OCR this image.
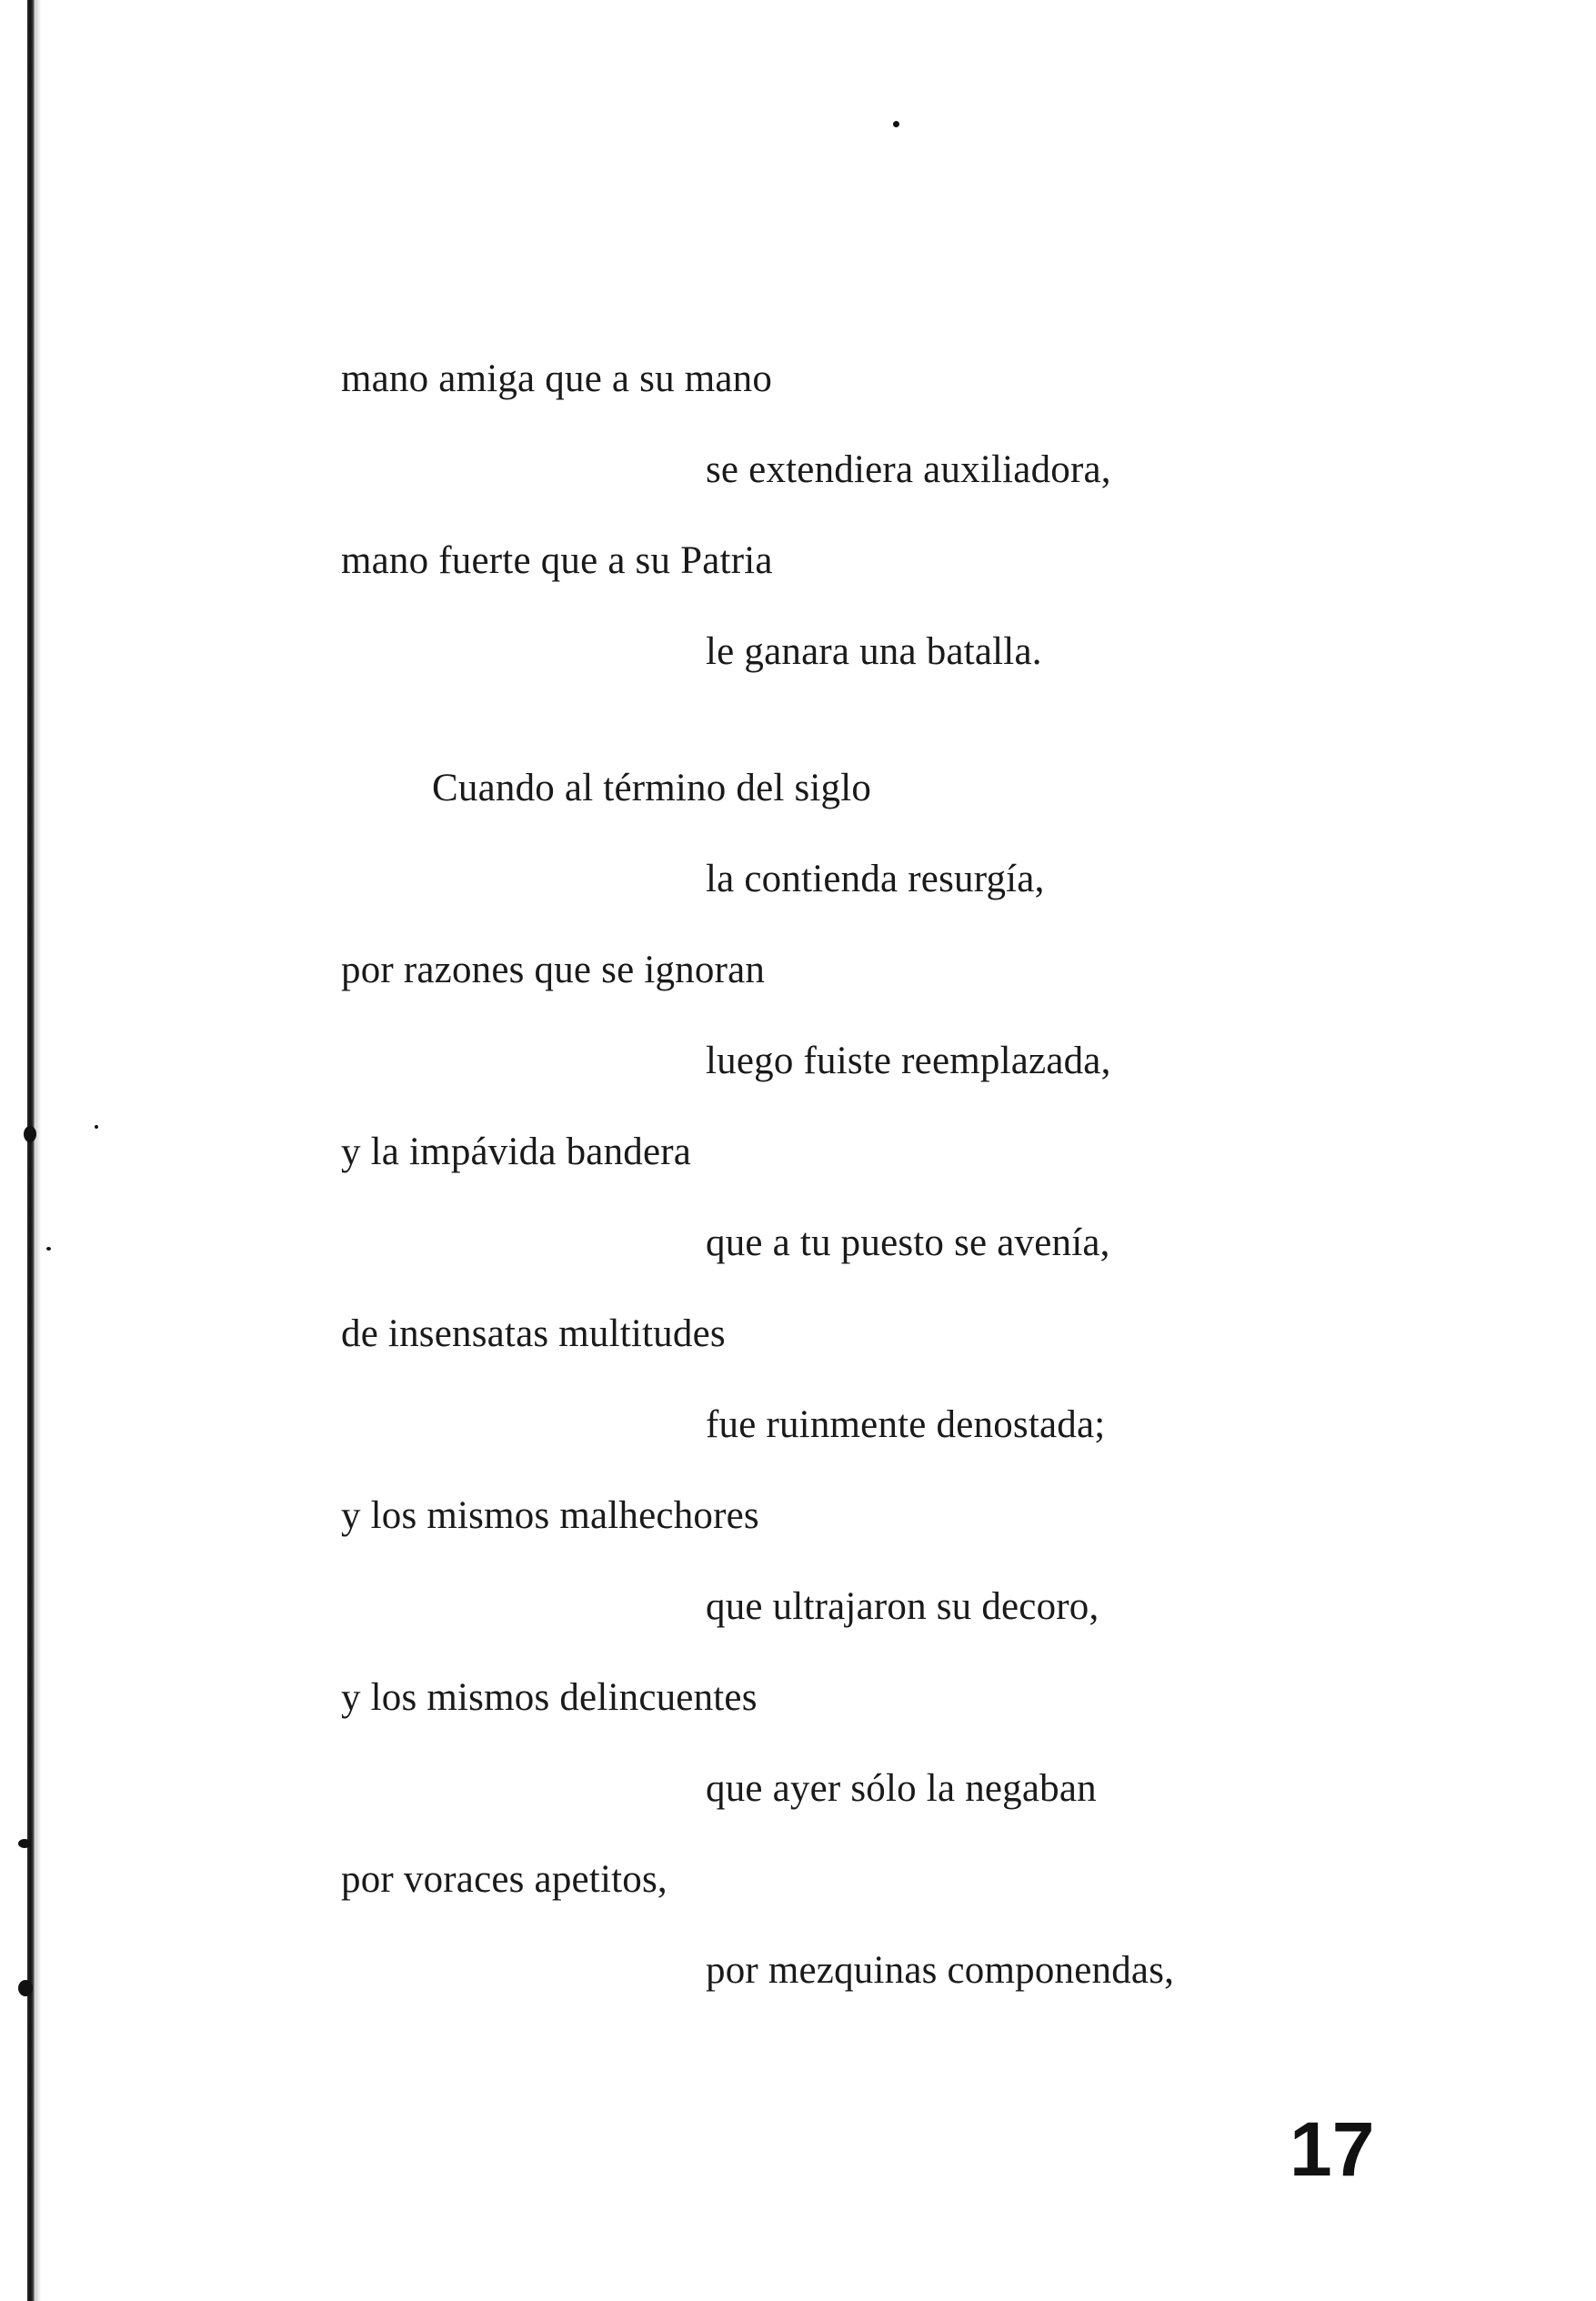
mano amiga que a su mano
se extendiera auxiliadora,
mano fuerte que a su Patria
le ganara una batalla.
Cuando al término del siglo
la contienda resurgía,
por razones que se ignoran
luego fuiste reemplazada,
y la impávida bandera
que a tu puesto se avenía,
de insensatas multitudes
fue ruinmente denostada;
y los mismos malhechores
que ultrajaron su decoro,
y los mismos delincuentes
que ayer sólo la negaban
por voraces apetitos,
por mezquinas componendas,
17
